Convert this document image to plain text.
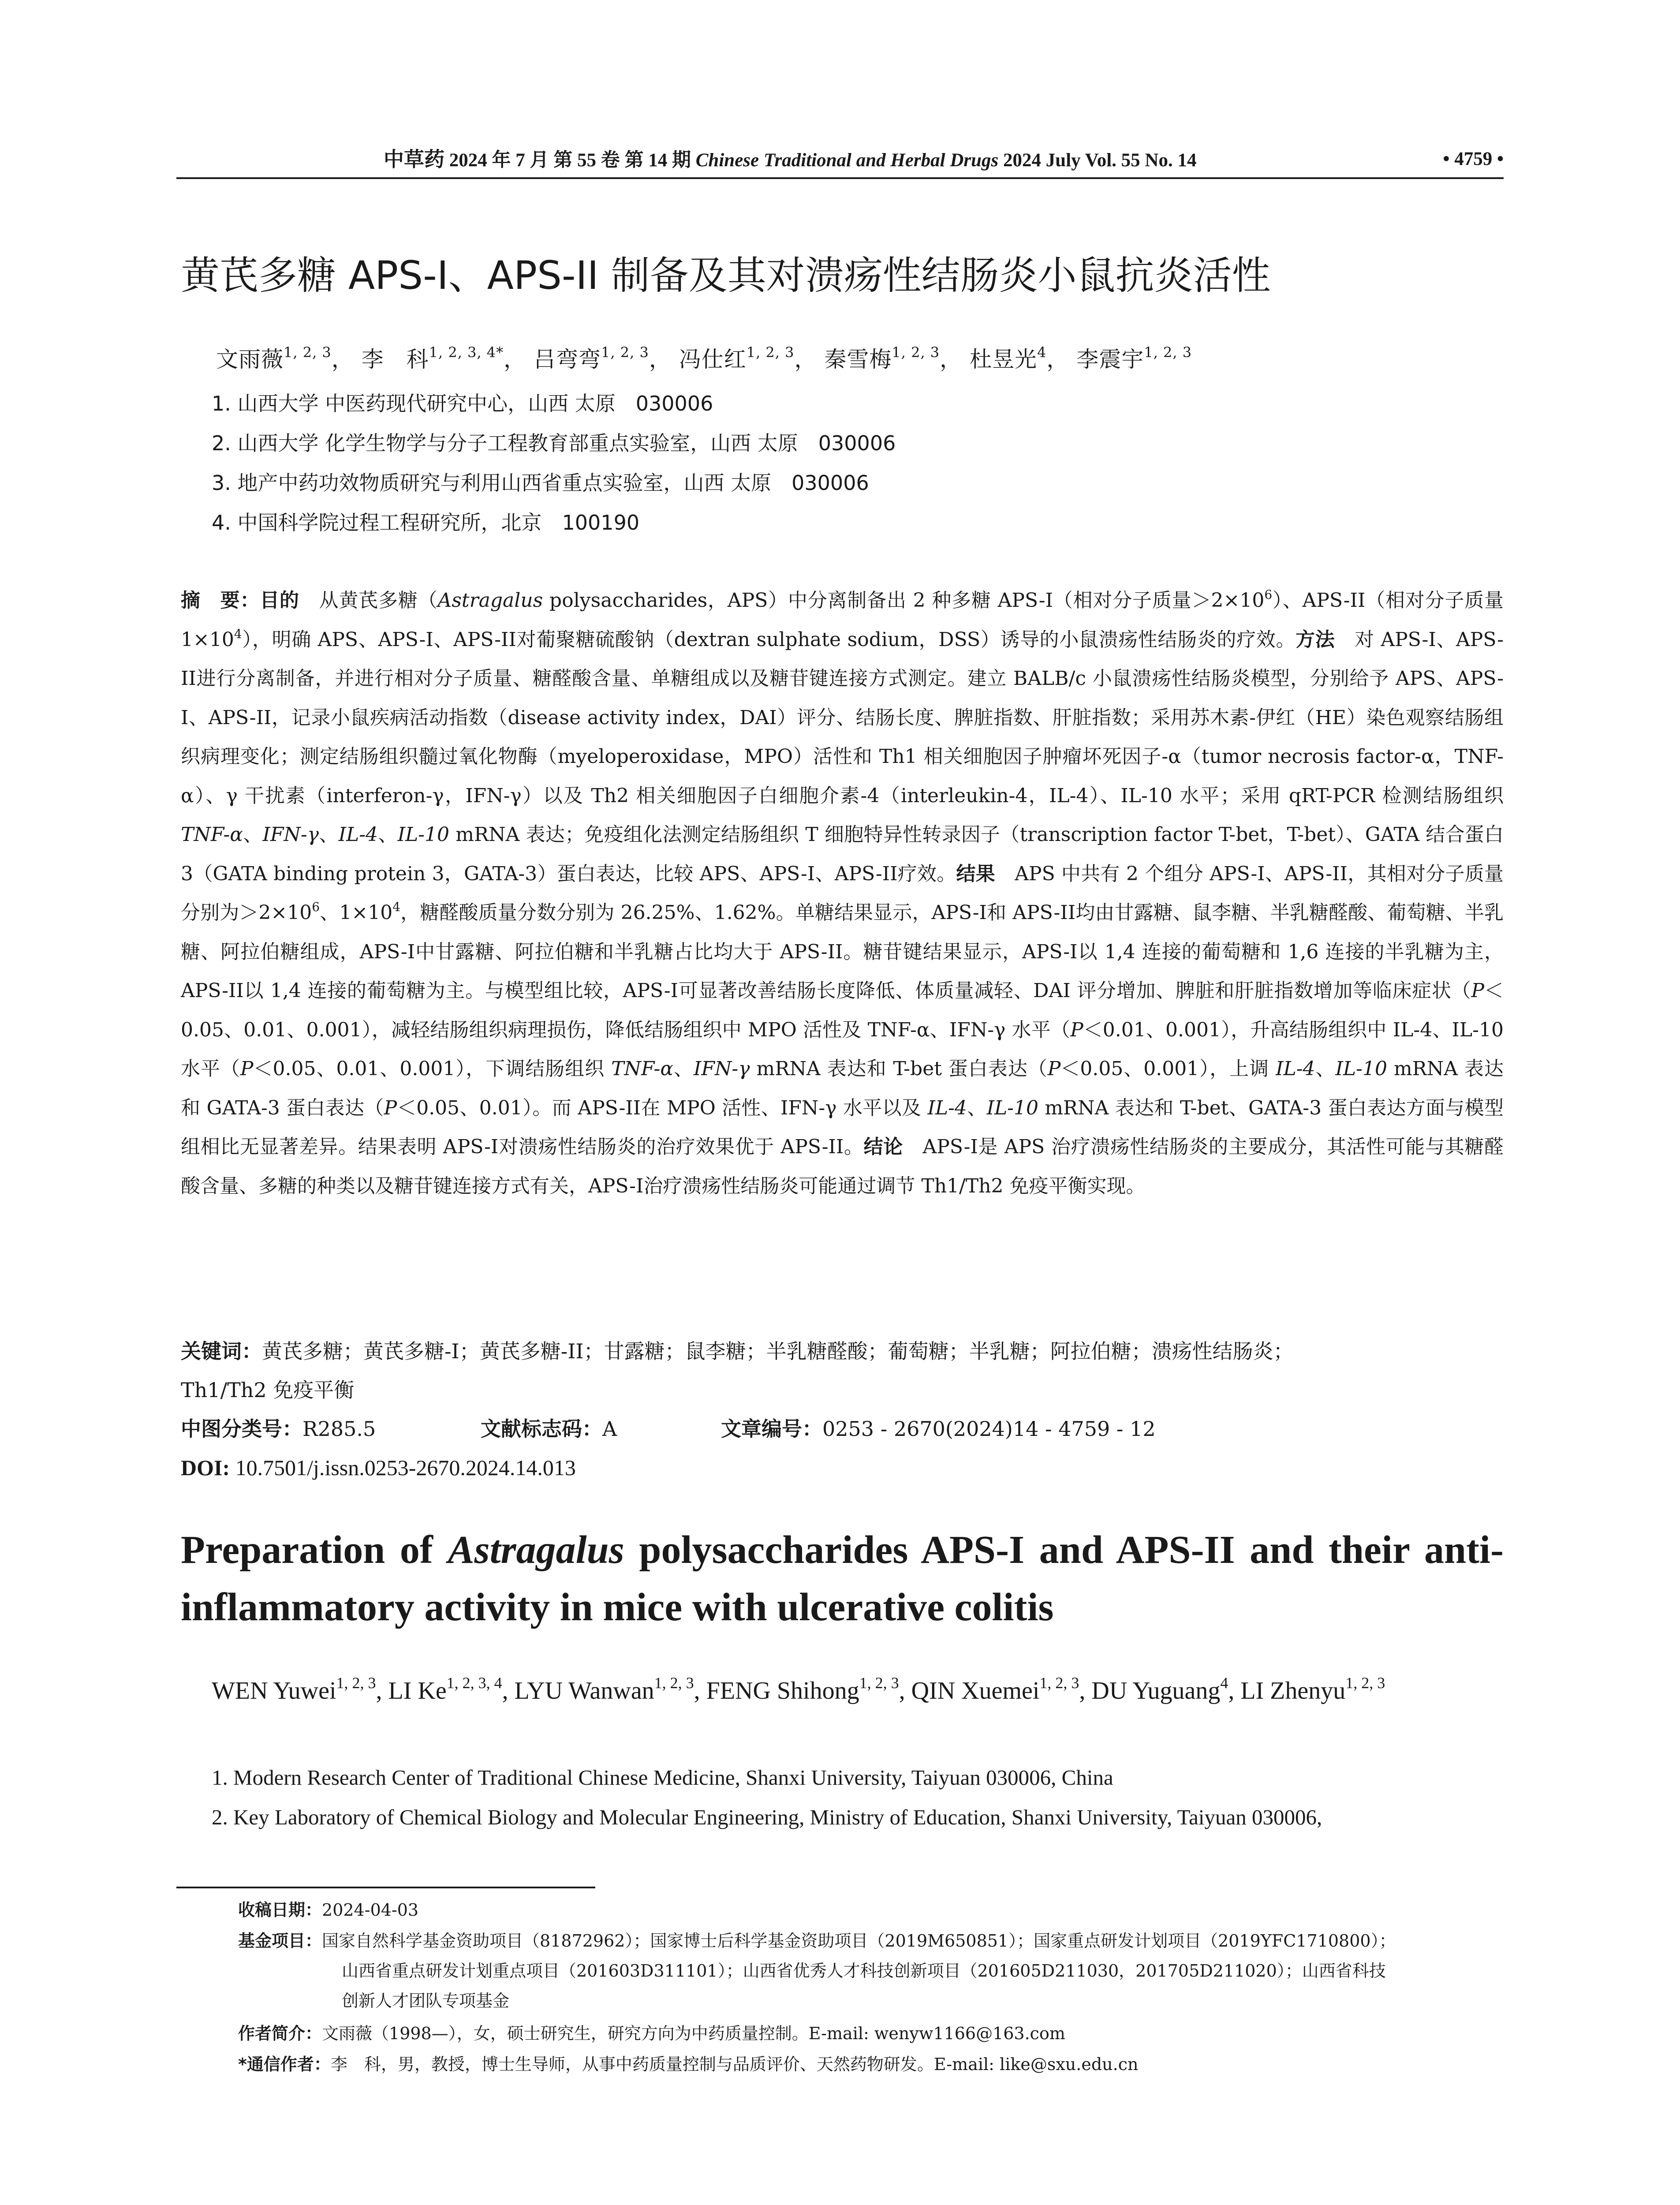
中草药 2024 年 7 月 第 55 卷 第 14 期 Chinese Traditional and Herbal Drugs 2024 July Vol. 55 No. 14	• 4759 •
黄芪多糖 APS-I、APS-II 制备及其对溃疡性结肠炎小鼠抗炎活性
文雨薇$^{1, 2, 3}$， 李　科$^{1, 2, 3, 4*}$， 吕弯弯$^{1, 2, 3}$， 冯仕红$^{1, 2, 3}$， 秦雪梅$^{1, 2, 3}$， 杜昱光$^4$， 李震宇$^{1, 2, 3}$
1. 山西大学 中医药现代研究中心，山西 太原　030006
2. 山西大学 化学生物学与分子工程教育部重点实验室，山西 太原　030006
3. 地产中药功效物质研究与利用山西省重点实验室，山西 太原　030006
4. 中国科学院过程工程研究所，北京　100190
摘　要：目的　从黄芪多糖（Astragalus polysaccharides，APS）中分离制备出 2 种多糖 APS-I（相对分子质量$>2\times 10^6$）、APS-II（相对分子质量 $1\times 10^4$），明确 APS、APS-I、APS-II对葡聚糖硫酸钠（dextran sulphate sodium，DSS）诱导的小鼠溃疡性结肠炎的疗效。方法　对 APS-I、APS-II进行分离制备，并进行相对分子质量、糖醛酸含量、单糖组成以及糖苷键连接方式测定。建立 BALB/c 小鼠溃疡性结肠炎模型，分别给予 APS、APS-I、APS-II，记录小鼠疾病活动指数（disease activity index，DAI）评分、结肠长度、脾脏指数、肝脏指数；采用苏木素-伊红（HE）染色观察结肠组织病理变化；测定结肠组织髓过氧化物酶（myeloperoxidase，MPO）活性和 Th1 相关细胞因子肿瘤坏死因子-α（tumor necrosis factor-α，TNF-α）、γ 干扰素（interferon-γ，IFN-γ）以及 Th2 相关细胞因子白细胞介素-4（interleukin-4，IL-4）、IL-10 水平；采用 qRT-PCR 检测结肠组织 TNF-α、IFN-γ、IL-4、IL-10 mRNA 表达；免疫组化法测定结肠组织 T 细胞特异性转录因子（transcription factor T-bet，T-bet）、GATA 结合蛋白 3（GATA binding protein 3，GATA-3）蛋白表达，比较 APS、APS-I、APS-II疗效。结果　APS 中共有 2 个组分 APS-I、APS-II，其相对分子质量分别为$>2\times 10^6$、$1\times 10^4$，糖醛酸质量分数分别为 26.25%、1.62%。单糖结果显示，APS-I和 APS-II均由甘露糖、鼠李糖、半乳糖醛酸、葡萄糖、半乳糖、阿拉伯糖组成，APS-I中甘露糖、阿拉伯糖和半乳糖占比均大于 APS-II。糖苷键结果显示，APS-I以 1,4 连接的葡萄糖和 1,6 连接的半乳糖为主，APS-II以 1,4 连接的葡萄糖为主。与模型组比较，APS-I可显著改善结肠长度降低、体质量减轻、DAI 评分增加、脾脏和肝脏指数增加等临床症状（P＜0.05、0.01、0.001），减轻结肠组织病理损伤，降低结肠组织中 MPO 活性及 TNF-α、IFN-γ 水平（P＜0.01、0.001），升高结肠组织中 IL-4、IL-10 水平（P＜0.05、0.01、0.001），下调结肠组织 TNF-α、IFN-γ mRNA 表达和 T-bet 蛋白表达（P＜0.05、0.001），上调 IL-4、IL-10 mRNA 表达和 GATA-3 蛋白表达（P＜0.05、0.01）。而 APS-II在 MPO 活性、IFN-γ 水平以及 IL-4、IL-10 mRNA 表达和 T-bet、GATA-3 蛋白表达方面与模型组相比无显著差异。结果表明 APS-I对溃疡性结肠炎的治疗效果优于 APS-II。结论　APS-I是 APS 治疗溃疡性结肠炎的主要成分，其活性可能与其糖醛酸含量、多糖的种类以及糖苷键连接方式有关，APS-I治疗溃疡性结肠炎可能通过调节 Th1/Th2 免疫平衡实现。
关键词：黄芪多糖；黄芪多糖-I；黄芪多糖-II；甘露糖；鼠李糖；半乳糖醛酸；葡萄糖；半乳糖；阿拉伯糖；溃疡性结肠炎；
Th1/Th2 免疫平衡
中图分类号：R285.5	文献标志码：A	文章编号：0253 - 2670(2024)14 - 4759 - 12
DOI: 10.7501/j.issn.0253-2670.2024.14.013
Preparation of Astragalus polysaccharides APS-I and APS-II and their anti-inflammatory activity in mice with ulcerative colitis
WEN Yuwei$^{1, 2, 3}$, LI Ke$^{1, 2, 3, 4}$, LYU Wanwan$^{1, 2, 3}$, FENG Shihong$^{1, 2, 3}$, QIN Xuemei$^{1, 2, 3}$, DU Yuguang$^4$, LI Zhenyu$^{1, 2, 3}$
1. Modern Research Center of Traditional Chinese Medicine, Shanxi University, Taiyuan 030006, China
2. Key Laboratory of Chemical Biology and Molecular Engineering, Ministry of Education, Shanxi University, Taiyuan 030006,
收稿日期：2024-04-03
基金项目：国家自然科学基金资助项目（81872962）；国家博士后科学基金资助项目（2019M650851）；国家重点研发计划项目（2019YFC1710800）；
山西省重点研发计划重点项目（201603D311101）；山西省优秀人才科技创新项目（201605D211030，201705D211020）；山西省科技
创新人才团队专项基金
作者简介：文雨薇（1998—），女，硕士研究生，研究方向为中药质量控制。E-mail: wenyw1166@163.com
*通信作者：李　科，男，教授，博士生导师，从事中药质量控制与品质评价、天然药物研发。E-mail: like@sxu.edu.cn
